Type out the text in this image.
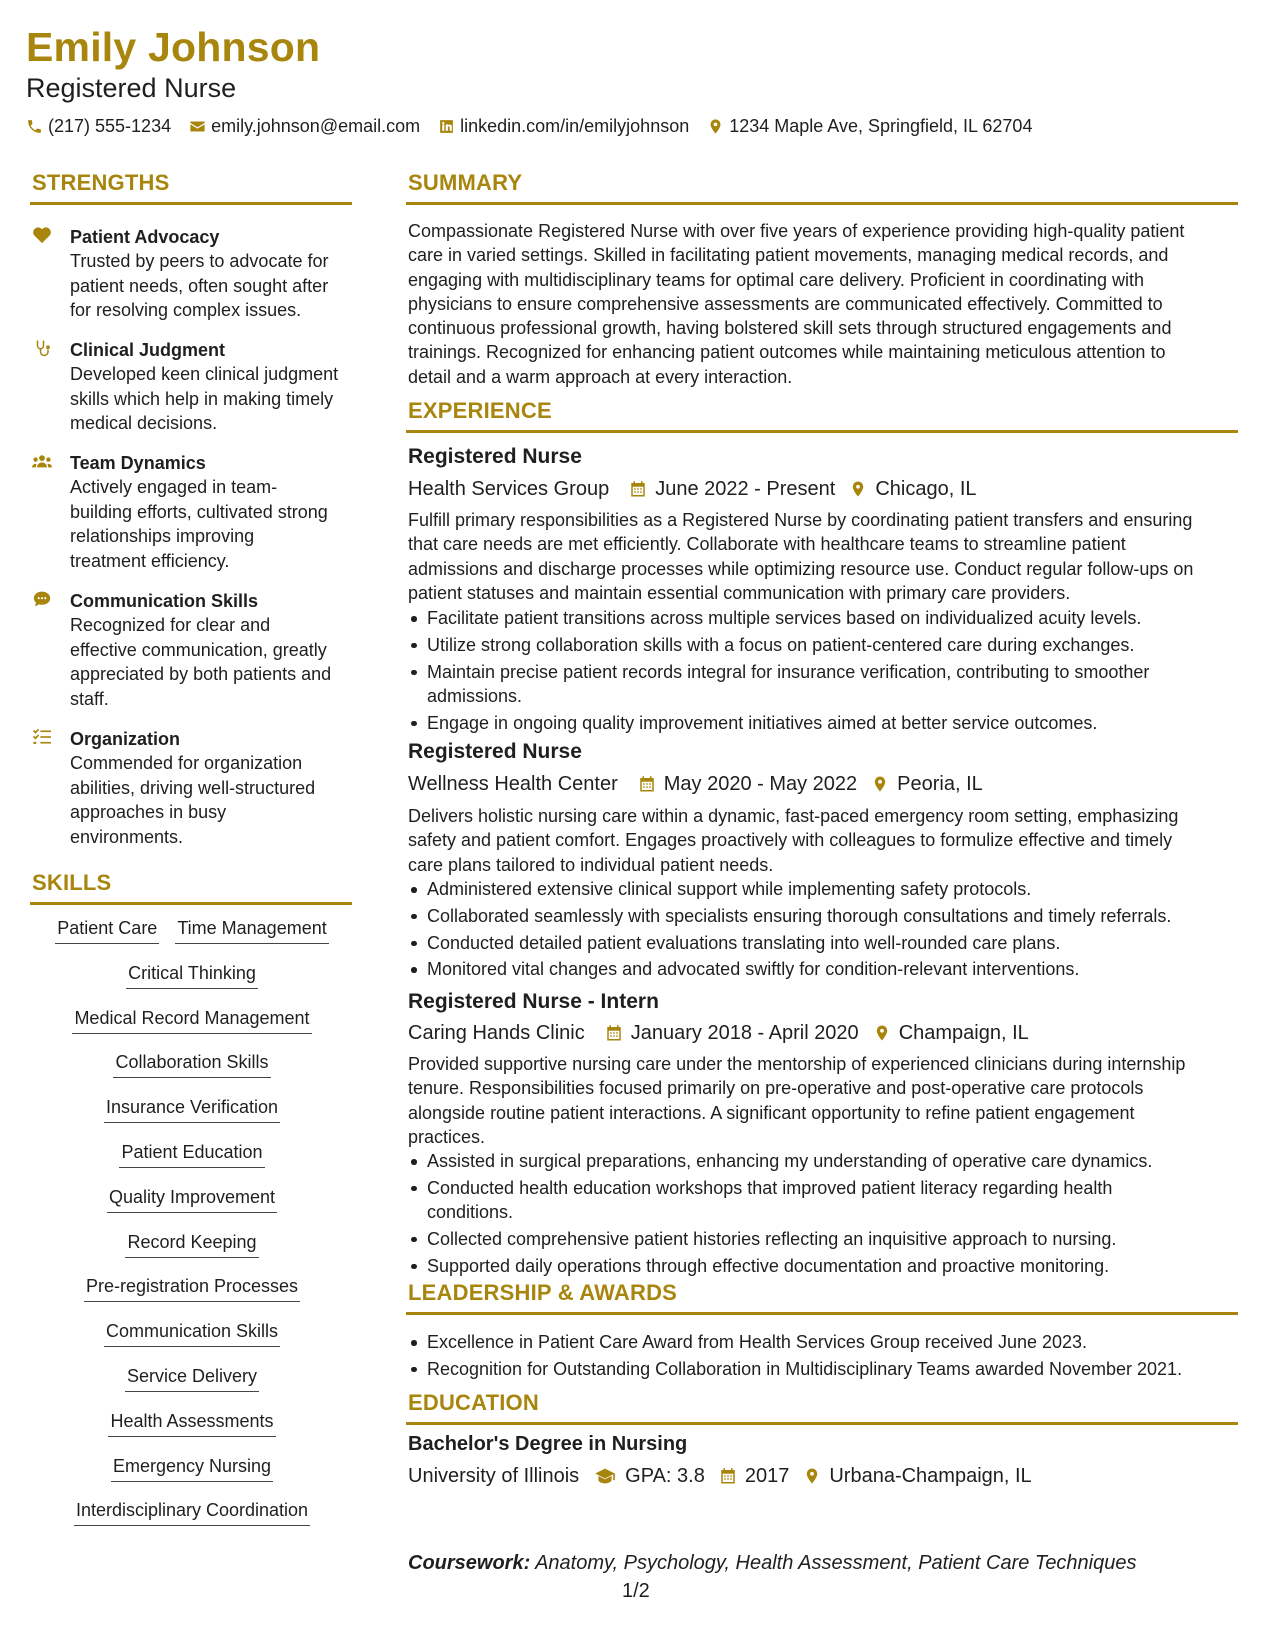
Emily Johnson
Registered Nurse
(217) 555-1234 emily.johnson@email.com linkedin.com/in/emilyjohnson 1234 Maple Ave, Springfield, IL 62704
STRENGTHS
Patient Advocacy
Trusted by peers to advocate for
patient needs, often sought after
for resolving complex issues.
Clinical Judgment
Developed keen clinical judgment
skills which help in making timely
medical decisions.
Team Dynamics
Actively engaged in team-
building efforts, cultivated strong
relationships improving
treatment efficiency.
Communication Skills
Recognized for clear and
effective communication, greatly
appreciated by both patients and
staff.
Organization
Commended for organization
abilities, driving well-structured
approaches in busy
environments.
SKILLS
Patient Care Time Management
Critical Thinking
Medical Record Management
Collaboration Skills
Insurance Verification
Patient Education
Quality Improvement
Record Keeping
Pre-registration Processes
Communication Skills
Service Delivery
Health Assessments
Emergency Nursing
Interdisciplinary Coordination
SUMMARY
Compassionate Registered Nurse with over five years of experience providing high-quality patient
care in varied settings. Skilled in facilitating patient movements, managing medical records, and
engaging with multidisciplinary teams for optimal care delivery. Proficient in coordinating with
physicians to ensure comprehensive assessments are communicated effectively. Committed to
continuous professional growth, having bolstered skill sets through structured engagements and
trainings. Recognized for enhancing patient outcomes while maintaining meticulous attention to
detail and a warm approach at every interaction.
EXPERIENCE
Registered Nurse
Health Services Group June 2022 - Present Chicago, IL
Fulfill primary responsibilities as a Registered Nurse by coordinating patient transfers and ensuring
that care needs are met efficiently. Collaborate with healthcare teams to streamline patient
admissions and discharge processes while optimizing resource use. Conduct regular follow-ups on
patient statuses and maintain essential communication with primary care providers.
Facilitate patient transitions across multiple services based on individualized acuity levels.
Utilize strong collaboration skills with a focus on patient-centered care during exchanges.
Maintain precise patient records integral for insurance verification, contributing to smoother
admissions.
Engage in ongoing quality improvement initiatives aimed at better service outcomes.
Registered Nurse
Wellness Health Center May 2020 - May 2022 Peoria, IL
Delivers holistic nursing care within a dynamic, fast-paced emergency room setting, emphasizing
safety and patient comfort. Engages proactively with colleagues to formulize effective and timely
care plans tailored to individual patient needs.
Administered extensive clinical support while implementing safety protocols.
Collaborated seamlessly with specialists ensuring thorough consultations and timely referrals.
Conducted detailed patient evaluations translating into well-rounded care plans.
Monitored vital changes and advocated swiftly for condition-relevant interventions.
Registered Nurse - Intern
Caring Hands Clinic January 2018 - April 2020 Champaign, IL
Provided supportive nursing care under the mentorship of experienced clinicians during internship
tenure. Responsibilities focused primarily on pre-operative and post-operative care protocols
alongside routine patient interactions. A significant opportunity to refine patient engagement
practices.
Assisted in surgical preparations, enhancing my understanding of operative care dynamics.
Conducted health education workshops that improved patient literacy regarding health
conditions.
Collected comprehensive patient histories reflecting an inquisitive approach to nursing.
Supported daily operations through effective documentation and proactive monitoring.
LEADERSHIP & AWARDS
Excellence in Patient Care Award from Health Services Group received June 2023.
Recognition for Outstanding Collaboration in Multidisciplinary Teams awarded November 2021.
EDUCATION
Bachelor's Degree in Nursing
University of Illinois GPA: 3.8 2017 Urbana-Champaign, IL
Coursework: Anatomy, Psychology, Health Assessment, Patient Care Techniques
1/2
